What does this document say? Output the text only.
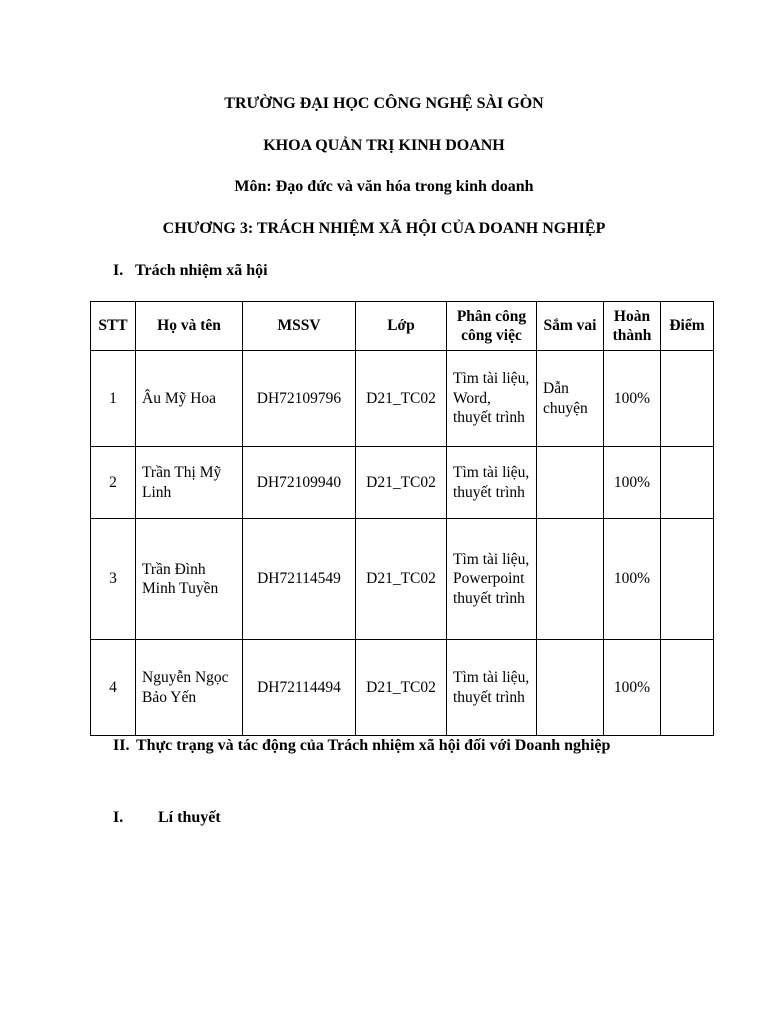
TRƯỜNG ĐẠI HỌC CÔNG NGHỆ SÀI GÒN
KHOA QUẢN TRỊ KINH DOANH
Môn: Đạo đức và văn hóa trong kinh doanh
CHƯƠNG 3: TRÁCH NHIỆM XÃ HỘI CỦA DOANH NGHIỆP
I. Trách nhiệm xã hội
STT	Họ và tên	MSSV	Lớp	Phân công công việc	Sắm vai	Hoàn thành	Điểm
1	Âu Mỹ Hoa	DH72109796	D21_TC02	Tìm tài liệu, Word, thuyết trình	Dẫn chuyện	100%	
2	Trần Thị Mỹ Linh	DH72109940	D21_TC02	Tìm tài liệu, thuyết trình		100%	
3	Trần Đình Minh Tuyền	DH72114549	D21_TC02	Tìm tài liệu, Powerpoint thuyết trình		100%	
4	Nguyễn Ngọc Bảo Yến	DH72114494	D21_TC02	Tìm tài liệu, thuyết trình		100%	
II. Thực trạng và tác động của Trách nhiệm xã hội đối với Doanh nghiệp
I. Lí thuyết
